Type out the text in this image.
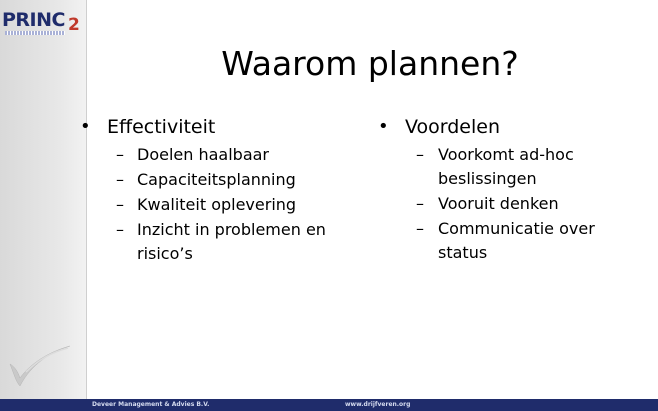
PRINC 2
Waarom plannen?
• Effectiviteit
– Doelen haalbaar
– Capaciteitsplanning
– Kwaliteit oplevering
– Inzicht in problemen en risico’s
• Voordelen
– Voorkomt ad-hoc beslissingen
– Vooruit denken
– Communicatie over status
Deveer Management & Advies B.V.	www.drijfveren.org
